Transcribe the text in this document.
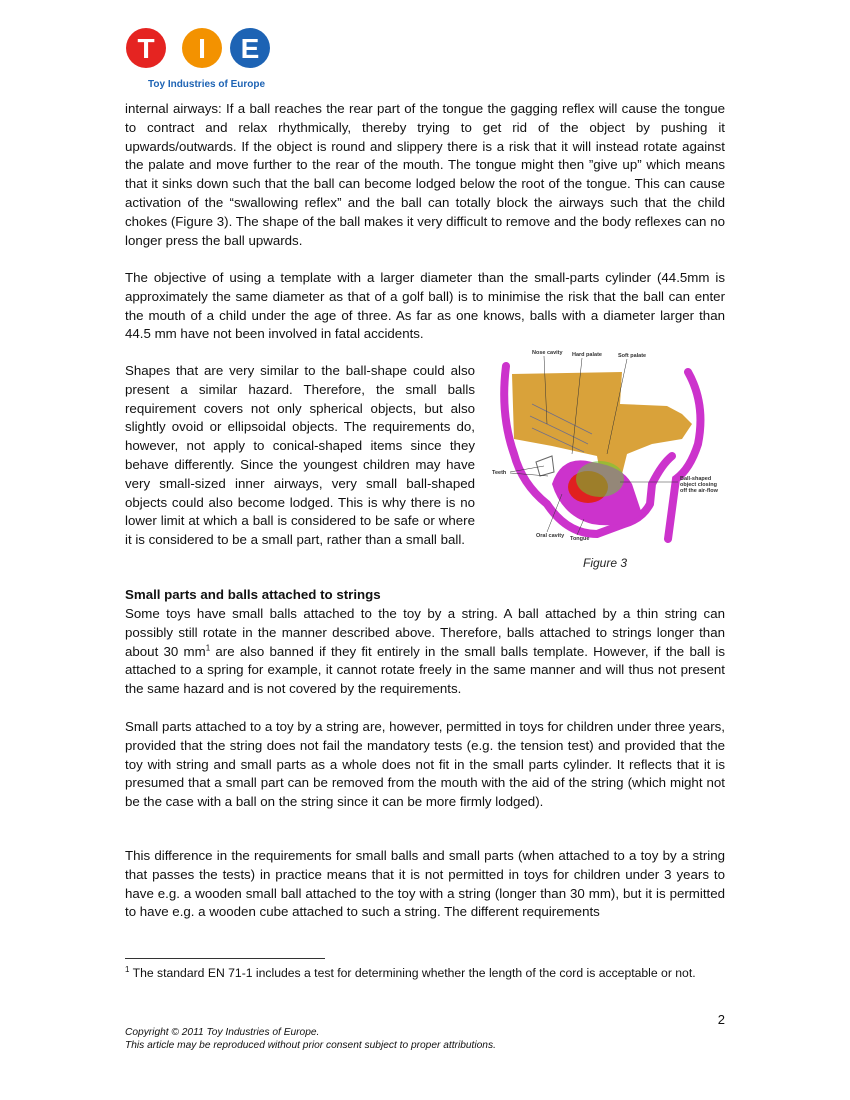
T I E
Toy Industries of Europe

internal airways: If a ball reaches the rear part of the tongue the gagging reflex will cause the tongue to contract and relax rhythmically, thereby trying to get rid of the object by pushing it upwards/outwards. If the object is round and slippery there is a risk that it will instead rotate against the palate and move further to the rear of the mouth. The tongue might then ”give up” which means that it sinks down such that the ball can become lodged below the root of the tongue. This can cause activation of the “swallowing reflex” and the ball can totally block the airways such that the child chokes (Figure 3). The shape of the ball makes it very difficult to remove and the body reflexes can no longer press the ball upwards.

The objective of using a template with a larger diameter than the small-parts cylinder (44.5mm is approximately the same diameter as that of a golf ball) is to minimise the risk that the ball can enter the mouth of a child under the age of three. As far as one knows, balls with a diameter larger than 44.5 mm have not been involved in fatal accidents.

Shapes that are very similar to the ball-shape could also present a similar hazard. Therefore, the small balls requirement covers not only spherical objects, but also slightly ovoid or ellipsoidal objects. The requirements do, however, not apply to conical-shaped items since they behave differently. Since the youngest children may have very small-sized inner airways, very small ball-shaped objects could also become lodged. This is why there is no lower limit at which a ball is considered to be safe or where it is considered to be a small part, rather than a small ball.

Nose cavity Hard palate	Soft palate
Teeth
Ball-shaped
object closing
off the air-flow
Oral cavity Tongue
Figure 3

Small parts and balls attached to strings

Some toys have small balls attached to the toy by a string. A ball attached by a thin string can possibly still rotate in the manner described above. Therefore, balls attached to strings longer than about 30 $mm^1$ are also banned if they fit entirely in the small balls template. However, if the ball is attached to a spring for example, it cannot rotate freely in the same manner and will thus not present the same hazard and is not covered by the requirements.

Small parts attached to a toy by a string are, however, permitted in toys for children under three years, provided that the string does not fail the mandatory tests (e.g. the tension test) and provided that the toy with string and small parts as a whole does not fit in the small parts cylinder. It reflects that it is presumed that a small part can be removed from the mouth with the aid of the string (which might not be the case with a ball on the string since it can be more firmly lodged).

This difference in the requirements for small balls and small parts (when attached to a toy by a string that passes the tests) in practice means that it is not permitted in toys for children under 3 years to have e.g. a wooden small ball attached to the toy with a string (longer than 30 mm), but it is permitted to have e.g. a wooden cube attached to such a string. The different requirements

$^1$ The standard EN 71-1 includes a test for determining whether the length of the cord is acceptable or not.

2
Copyright © 2011 Toy Industries of Europe.
This article may be reproduced without prior consent subject to proper attributions.
